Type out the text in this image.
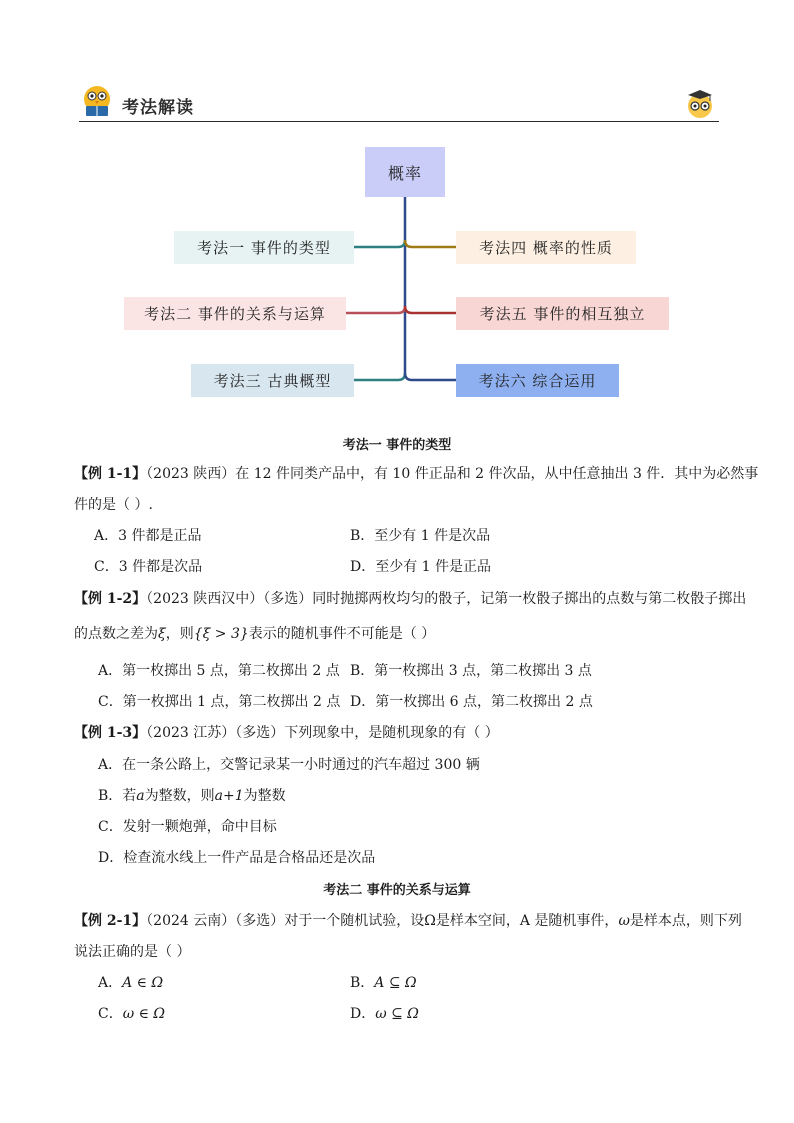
考法解读
概率
考法一 事件的类型
考法二 事件的关系与运算
考法三 古典概型
考法四 概率的性质
考法五 事件的相互独立
考法六 综合运用
考法一 事件的类型
【例 1-1】（2023 陕西）在 12 件同类产品中，有 10 件正品和 2 件次品，从中任意抽出 3 件．其中为必然事
件的是（ ）.
A．3 件都是正品	B．至少有 1 件是次品
C．3 件都是次品	D．至少有 1 件是正品
【例 1-2】（2023 陕西汉中）（多选）同时抛掷两枚均匀的骰子，记第一枚骰子掷出的点数与第二枚骰子掷出
的点数之差为ξ，则{ξ > 3}表示的随机事件不可能是（ ）
A．第一枚掷出 5 点，第二枚掷出 2 点 B．第一枚掷出 3 点，第二枚掷出 3 点
C．第一枚掷出 1 点，第二枚掷出 2 点 D．第一枚掷出 6 点，第二枚掷出 2 点
【例 1-3】（2023 江苏）（多选）下列现象中，是随机现象的有（ ）
A．在一条公路上，交警记录某一小时通过的汽车超过 300 辆
B．若a为整数，则a+1为整数
C．发射一颗炮弹，命中目标
D．检查流水线上一件产品是合格品还是次品
考法二 事件的关系与运算
【例 2-1】（2024 云南）（多选）对于一个随机试验，设Ω是样本空间，A 是随机事件，ω是样本点，则下列
说法正确的是（ ）
A．A ∈ Ω	B．A ⊆ Ω
C．ω ∈ Ω	D．ω ⊆ Ω
